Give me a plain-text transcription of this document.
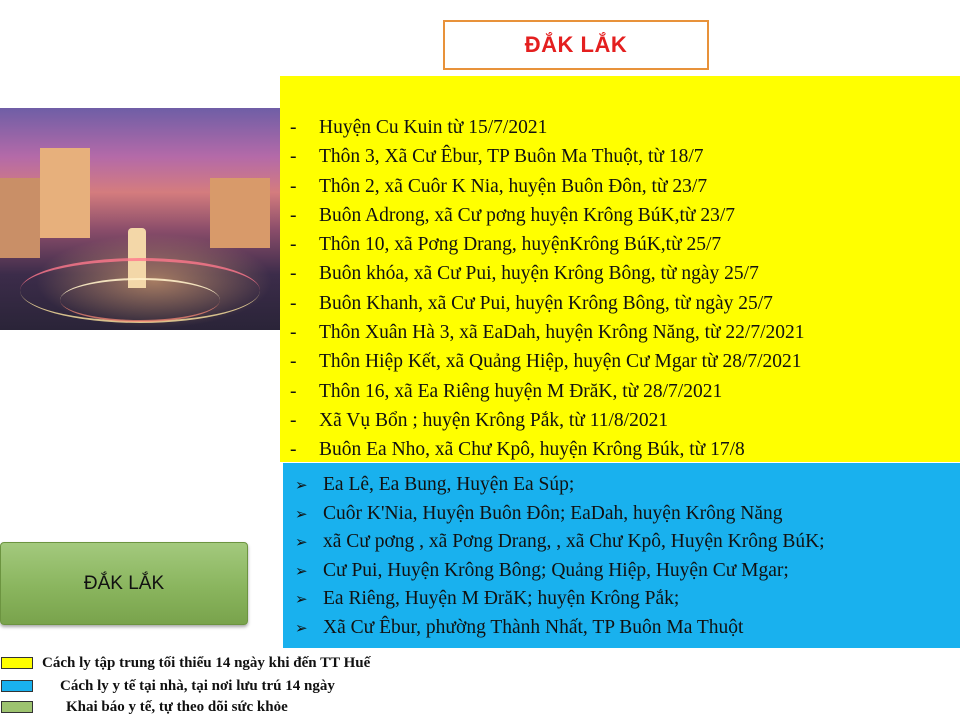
ĐẮK LẮK
- Huyện Cu Kuin từ 15/7/2021
- Thôn 3, Xã Cư Êbur, TP Buôn Ma Thuột, từ 18/7
- Thôn 2, xã Cuôr K Nia, huyện Buôn Đôn, từ 23/7
- Buôn Adrong, xã Cư pơng huyện Krông BúK,từ 23/7
- Thôn 10, xã Pơng Drang, huyệnKrông BúK,từ 25/7
- Buôn khóa, xã Cư Pui, huyện Krông Bông, từ ngày 25/7
- Buôn Khanh, xã Cư Pui, huyện Krông Bông, từ ngày 25/7
- Thôn Xuân Hà 3, xã EaDah, huyện Krông Năng, từ 22/7/2021
- Thôn Hiệp Kết, xã Quảng Hiệp, huyện Cư Mgar từ 28/7/2021
- Thôn 16, xã Ea Riêng huyện M ĐrăK, từ 28/7/2021
- Xã Vụ Bổn ; huyện Krông Pắk, từ 11/8/2021
- Buôn Ea Nho, xã Chư Kpô, huyện Krông Búk, từ 17/8
➢ Ea Lê, Ea Bung, Huyện Ea Súp;
➢ Cuôr K'Nia, Huyện Buôn Đôn; EaDah, huyện Krông Năng
➢ xã Cư pơng , xã Pơng Drang, , xã Chư Kpô, Huyện Krông BúK;
➢ Cư Pui, Huyện Krông Bông; Quảng Hiệp, Huyện Cư Mgar;
➢ Ea Riêng, Huyện M ĐrăK; huyện Krông Pắk;
➢ Xã Cư Êbur, phường Thành Nhất, TP Buôn Ma Thuột
ĐẮK LẮK
Cách ly tập trung tối thiểu 14 ngày khi đến TT Huế
Cách ly y tế tại nhà, tại nơi lưu trú 14 ngày
Khai báo y tế, tự theo dõi sức khỏe
